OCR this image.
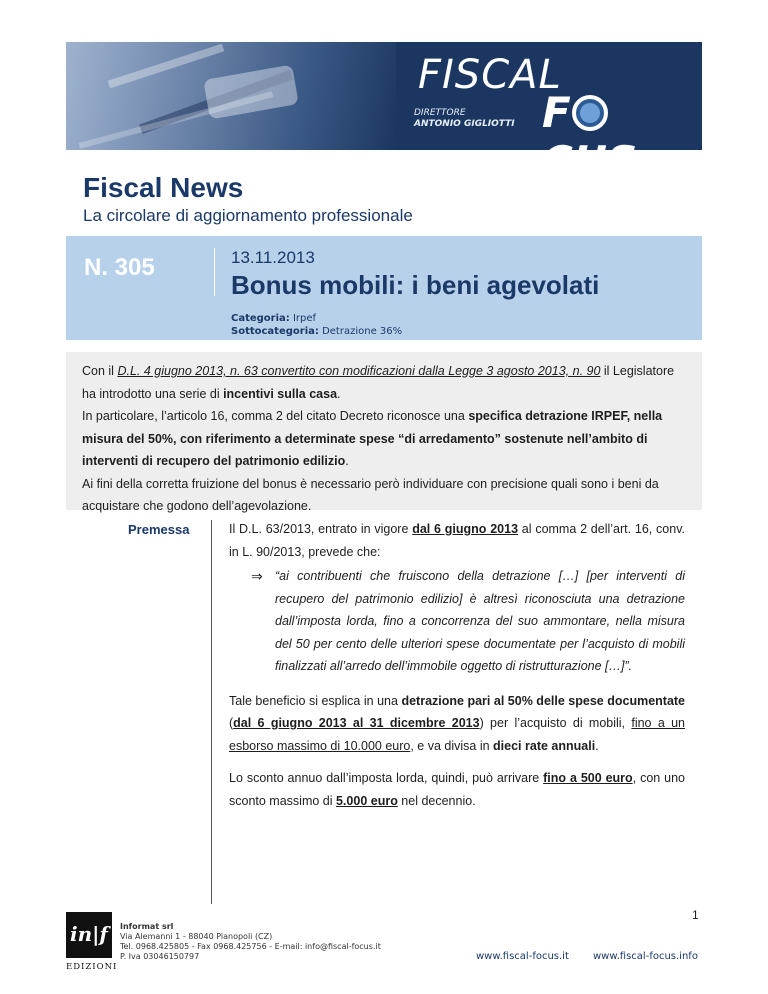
FISCAL
FCUS
DIRETTORE
ANTONIO GIGLIOTTI
Fiscal News
La circolare di aggiornamento professionale
N. 305	13.11.2013
Bonus mobili: i beni agevolati
Categoria: Irpef
Sottocategoria: Detrazione 36%

Con il D.L. 4 giugno 2013, n. 63 convertito con modificazioni dalla Legge 3 agosto 2013, n. 90 il Legislatore ha introdotto una serie di incentivi sulla casa.

In particolare, l’articolo 16, comma 2 del citato Decreto riconosce una specifica detrazione IRPEF, nella misura del 50%, con riferimento a determinate spese “di arredamento” sostenute nell’ambito di interventi di recupero del patrimonio edilizio.

Ai fini della corretta fruizione del bonus è necessario però individuare con precisione quali sono i beni da acquistare che godono dell’agevolazione.

Premessa	Il D.L. 63/2013, entrato in vigore dal 6 giugno 2013 al comma 2 dell’art. 16, conv. in L. 90/2013, prevede che:
⇒ “ai contribuenti che fruiscono della detrazione […] [per interventi di recupero del patrimonio edilizio] è altresì riconosciuta una detrazione dall’imposta lorda, fino a concorrenza del suo ammontare, nella misura del 50 per cento delle ulteriori spese documentate per l’acquisto di mobili finalizzati all’arredo dell’immobile oggetto di ristrutturazione […]”.
Tale beneficio si esplica in una detrazione pari al 50% delle spese documentate (dal 6 giugno 2013 al 31 dicembre 2013) per l’acquisto di mobili, fino a un esborso massimo di 10.000 euro, e va divisa in dieci rate annuali.
Lo sconto annuo dall’imposta lorda, quindi, può arrivare fino a 500 euro, con uno sconto massimo di 5.000 euro nel decennio.
1
in|f
EDIZIONI
Informat srl
Via Alemanni 1 - 88040 Pianopoli (CZ)
Tel. 0968.425805 - Fax 0968.425756 - E-mail: info@fiscal-focus.it
P. Iva 03046150797	www.fiscal-focus.it www.fiscal-focus.info
